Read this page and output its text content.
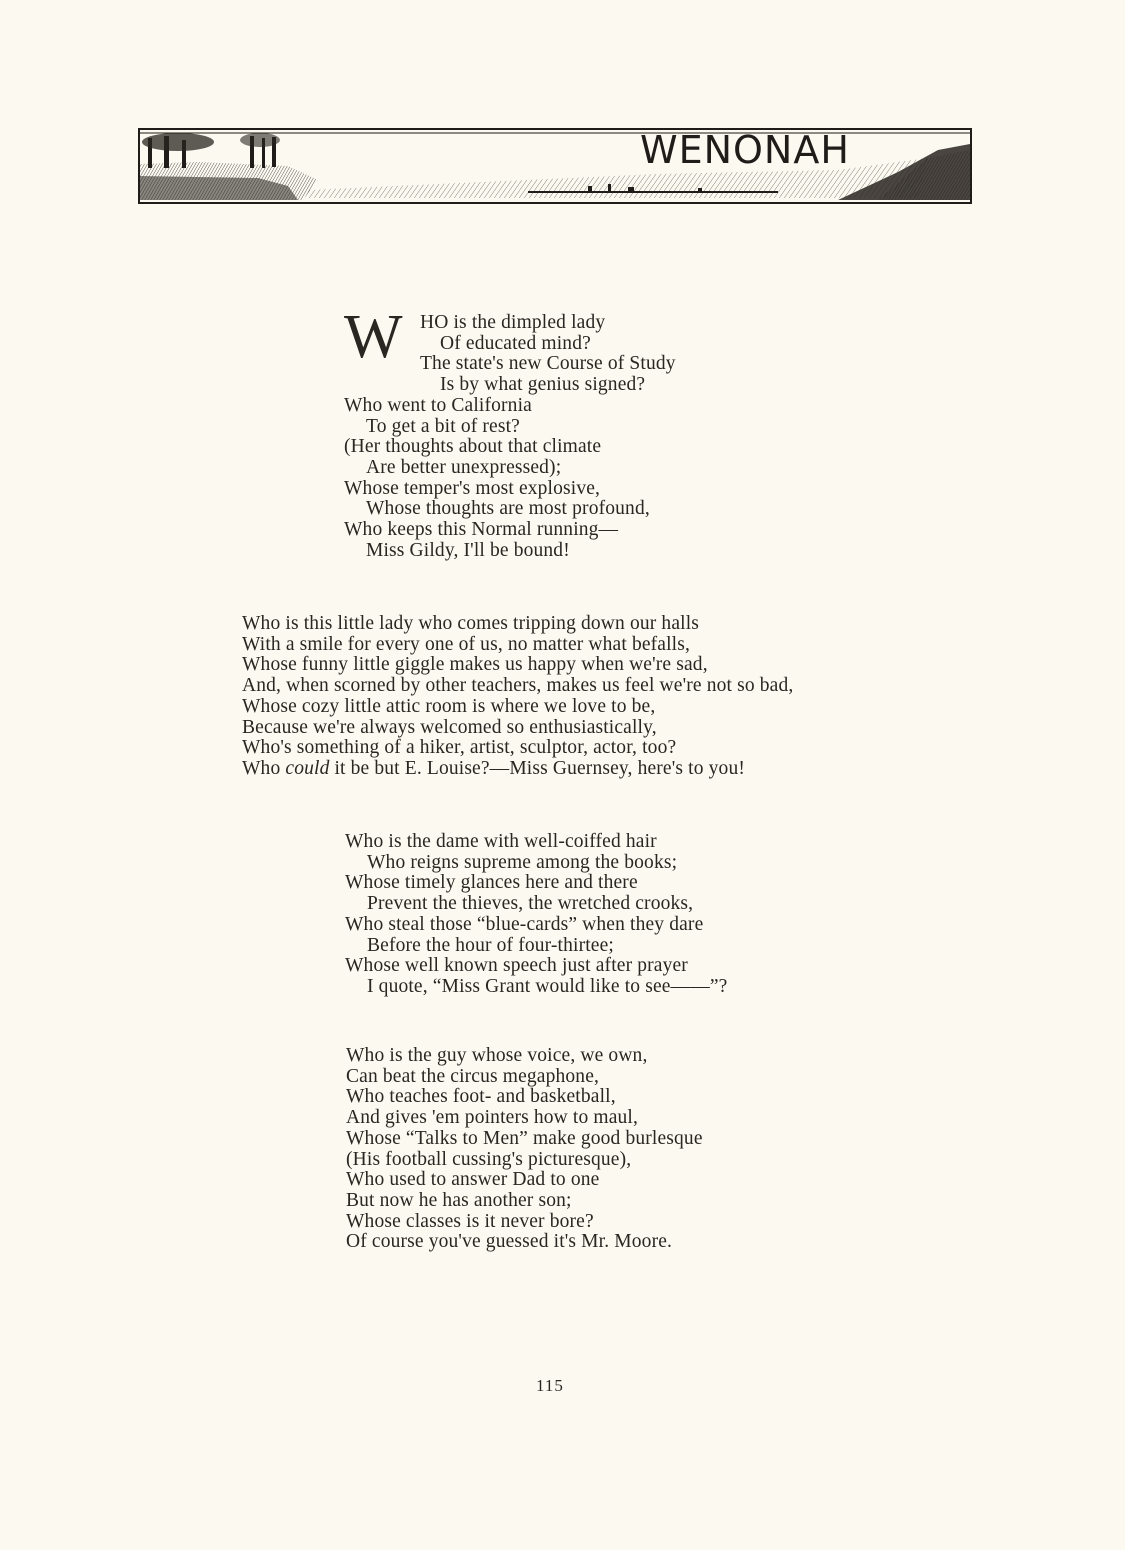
WENONAH
W HO is the dimpled lady
Of educated mind?
The state's new Course of Study
Is by what genius signed?
Who went to California
To get a bit of rest?
(Her thoughts about that climate
Are better unexpressed);
Whose temper's most explosive,
Whose thoughts are most profound,
Who keeps this Normal running—
Miss Gildy, I'll be bound!
Who is this little lady who comes tripping down our halls
With a smile for every one of us, no matter what befalls,
Whose funny little giggle makes us happy when we're sad,
And, when scorned by other teachers, makes us feel we're not so bad,
Whose cozy little attic room is where we love to be,
Because we're always welcomed so enthusiastically,
Who's something of a hiker, artist, sculptor, actor, too?
Who could it be but E. Louise?—Miss Guernsey, here's to you!
Who is the dame with well-coiffed hair
Who reigns supreme among the books;
Whose timely glances here and there
Prevent the thieves, the wretched crooks,
Who steal those “blue-cards” when they dare
Before the hour of four-thirtee;
Whose well known speech just after prayer
I quote, “Miss Grant would like to see——”?
Who is the guy whose voice, we own,
Can beat the circus megaphone,
Who teaches foot- and basketball,
And gives 'em pointers how to maul,
Whose “Talks to Men” make good burlesque
(His football cussing's picturesque),
Who used to answer Dad to one
But now he has another son;
Whose classes is it never bore?
Of course you've guessed it's Mr. Moore.
115
